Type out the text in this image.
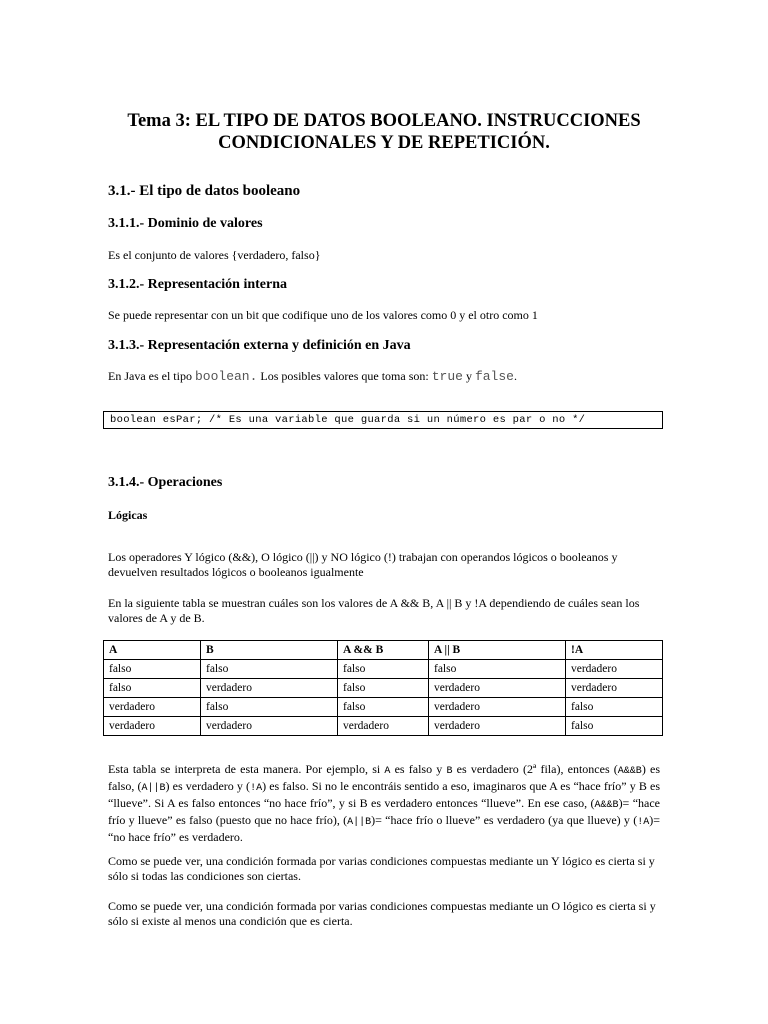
Tema 3: EL TIPO DE DATOS BOOLEANO. INSTRUCCIONES
CONDICIONALES Y DE REPETICIÓN.
3.1.- El tipo de datos booleano
3.1.1.- Dominio de valores
Es el conjunto de valores {verdadero, falso}
3.1.2.- Representación interna
Se puede representar con un bit que codifique uno de los valores como 0 y el otro como 1
3.1.3.- Representación externa y definición en Java
En Java es el tipo boolean. Los posibles valores que toma son: true y false.
boolean esPar; /* Es una variable que guarda si un número es par o no */
3.1.4.- Operaciones
Lógicas
Los operadores Y lógico (&&), O lógico (||) y NO lógico (!) trabajan con operandos lógicos o booleanos y devuelven resultados lógicos o booleanos igualmente
En la siguiente tabla se muestran cuáles son los valores de A && B, A || B y !A dependiendo de cuáles sean los valores de A y de B.
A	B	A && B	A || B	!A
falso	falso	falso	falso	verdadero
falso	verdadero	falso	verdadero	verdadero
verdadero	falso	falso	verdadero	falso
verdadero	verdadero	verdadero	verdadero	falso
Esta tabla se interpreta de esta manera. Por ejemplo, si A es falso y B es verdadero (2ª fila), entonces (A&&B) es falso, (A||B) es verdadero y (!A) es falso. Si no le encontráis sentido a eso, imaginaros que A es “hace frío” y B es “llueve”. Si A es falso entonces “no hace frío”, y si B es verdadero entonces “llueve”. En ese caso, (A&&B)= “hace frío y llueve” es falso (puesto que no hace frío), (A||B)= “hace frío o llueve” es verdadero (ya que llueve) y (!A)= “no hace frío” es verdadero.
Como se puede ver, una condición formada por varias condiciones compuestas mediante un Y lógico es cierta si y sólo si todas las condiciones son ciertas.
Como se puede ver, una condición formada por varias condiciones compuestas mediante un O lógico es cierta si y sólo si existe al menos una condición que es cierta.
